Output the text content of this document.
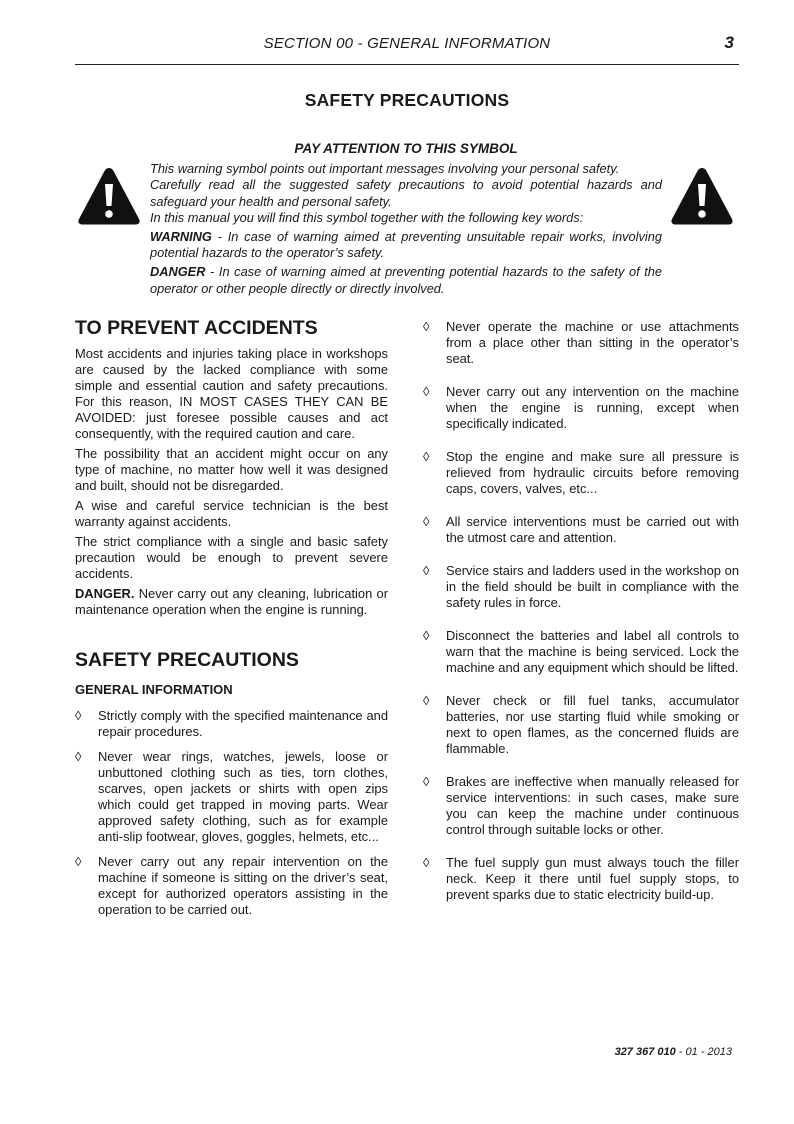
SECTION 00 - GENERAL INFORMATION	3
SAFETY PRECAUTIONS
PAY ATTENTION TO THIS SYMBOL

This warning symbol points out important messages involving your personal safety.

Carefully read all the suggested safety precautions to avoid potential hazards and safeguard your health and personal safety.

In this manual you will find this symbol together with the following key words:

WARNING - In case of warning aimed at preventing unsuitable repair works, involving potential hazards to the operator’s safety.

DANGER - In case of warning aimed at preventing potential hazards to the safety of the operator or other people directly or directly involved.

TO PREVENT ACCIDENTS

Most accidents and injuries taking place in workshops are caused by the lacked compliance with some simple and essential caution and safety precautions. For this reason, IN MOST CASES THEY CAN BE AVOIDED: just foresee possible causes and act consequently, with the required caution and care.

The possibility that an accident might occur on any type of machine, no matter how well it was designed and built, should not be disregarded.

A wise and careful service technician is the best warranty against accidents.

The strict compliance with a single and basic safety precaution would be enough to prevent severe accidents.

DANGER. Never carry out any cleaning, lubrication or maintenance operation when the engine is running.

SAFETY PRECAUTIONS
GENERAL INFORMATION
◊	Strictly comply with the specified maintenance and repair procedures.
◊	Never wear rings, watches, jewels, loose or unbuttoned clothing such as ties, torn clothes, scarves, open jackets or shirts with open zips which could get trapped in moving parts. Wear approved safety clothing, such as for example anti-slip footwear, gloves, goggles, helmets, etc...
◊	Never carry out any repair intervention on the machine if someone is sitting on the driver’s seat, except for authorized operators assisting in the operation to be carried out.
◊	Never operate the machine or use attachments from a place other than sitting in the operator’s seat.
◊	Never carry out any intervention on the machine when the engine is running, except when specifically indicated.
◊	Stop the engine and make sure all pressure is relieved from hydraulic circuits before removing caps, covers, valves, etc...
◊	All service interventions must be carried out with the utmost care and attention.
◊	Service stairs and ladders used in the workshop on in the field should be built in compliance with the safety rules in force.
◊	Disconnect the batteries and label all controls to warn that the machine is being serviced. Lock the machine and any equipment which should be lifted.
◊	Never check or fill fuel tanks, accumulator batteries, nor use starting fluid while smoking or next to open flames, as the concerned fluids are flammable.
◊	Brakes are ineffective when manually released for service interventions: in such cases, make sure you can keep the machine under continuous control through suitable locks or other.
◊	The fuel supply gun must always touch the filler neck. Keep it there until fuel supply stops, to prevent sparks due to static electricity build-up.
327 367 010 - 01 - 2013
